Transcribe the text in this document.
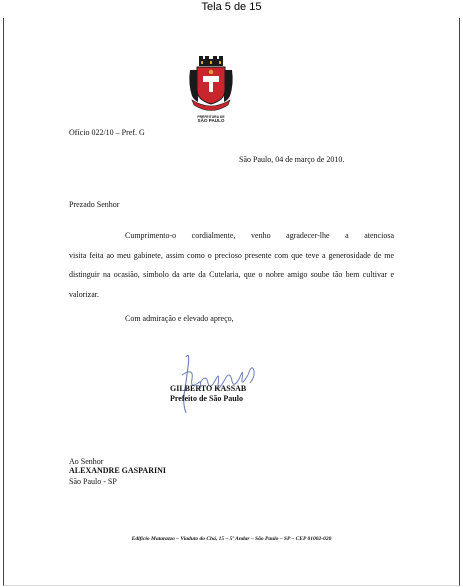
Tela 5 de 15
PREFEITURA DE
SÃO PAULO
Ofício 022/10 – Pref. G
São Paulo, 04 de março de 2010.
Prezado Senhor
Cumprimento-o cordialmente, venho agradecer-lhe a atenciosa
visita feita ao meu gabinete, assim como o precioso presente com que teve a generosidade de me distinguir na ocasião, símbolo da arte da Cutelaria, que o nobre amigo soube tão bem cultivar e valorizar.
Com admiração e elevado apreço,
GILBERTO KASSAB
Prefeito de São Paulo
Ao Senhor
ALEXANDRE GASPARINI
São Paulo - SP
Edifício Matarazzo – Viaduto do Chá, 15 – 5º Andar – São Paulo – SP – CEP 01002-020
